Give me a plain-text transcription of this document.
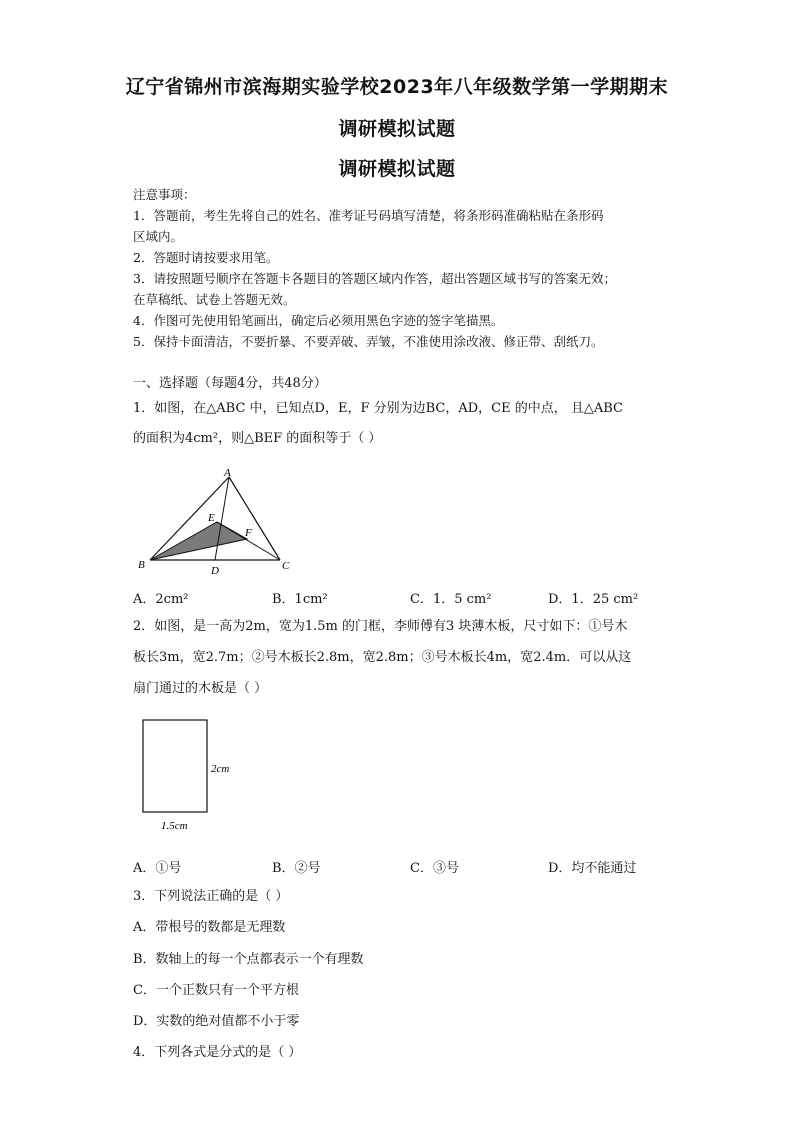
辽宁省锦州市滨海期实验学校2023年八年级数学第一学期期末
调研模拟试题
调研模拟试题
注意事项：
1．答题前，考生先将自己的姓名、准考证号码填写清楚，将条形码准确粘贴在条形码
区域内。
2．答题时请按要求用笔。
3．请按照题号顺序在答题卡各题目的答题区域内作答，超出答题区域书写的答案无效；
在草稿纸、试卷上答题无效。
4．作图可先使用铅笔画出，确定后必须用黑色字迹的签字笔描黑。
5．保持卡面清洁，不要折暴、不要弄破、弄皱，不准使用涂改液、修正带、刮纸刀。
一、选择题（每题4分，共48分）
1．如图，在△ABC 中，已知点D，E，F 分别为边BC，AD，CE 的中点， 且△ABC
的面积为4cm²，则△BEF 的面积等于（ ）
A
B	C
D
E
F
A．2cm²	B．1cm²	C．1．5 cm²	D．1．25 cm²
2．如图，是一高为2m，宽为1.5m 的门框，李师傅有3 块薄木板，尺寸如下：①号木
板长3m，宽2.7m；②号木板长2.8m，宽2.8m；③号木板长4m，宽2.4m．可以从这
扇门通过的木板是（ ）
2cm
1.5cm
A．①号	B．②号	C．③号	D．均不能通过
3．下列说法正确的是（ ）
A．带根号的数都是无理数
B．数轴上的每一个点都表示一个有理数
C．一个正数只有一个平方根
D．实数的绝对值都不小于零
4．下列各式是分式的是（ ）
